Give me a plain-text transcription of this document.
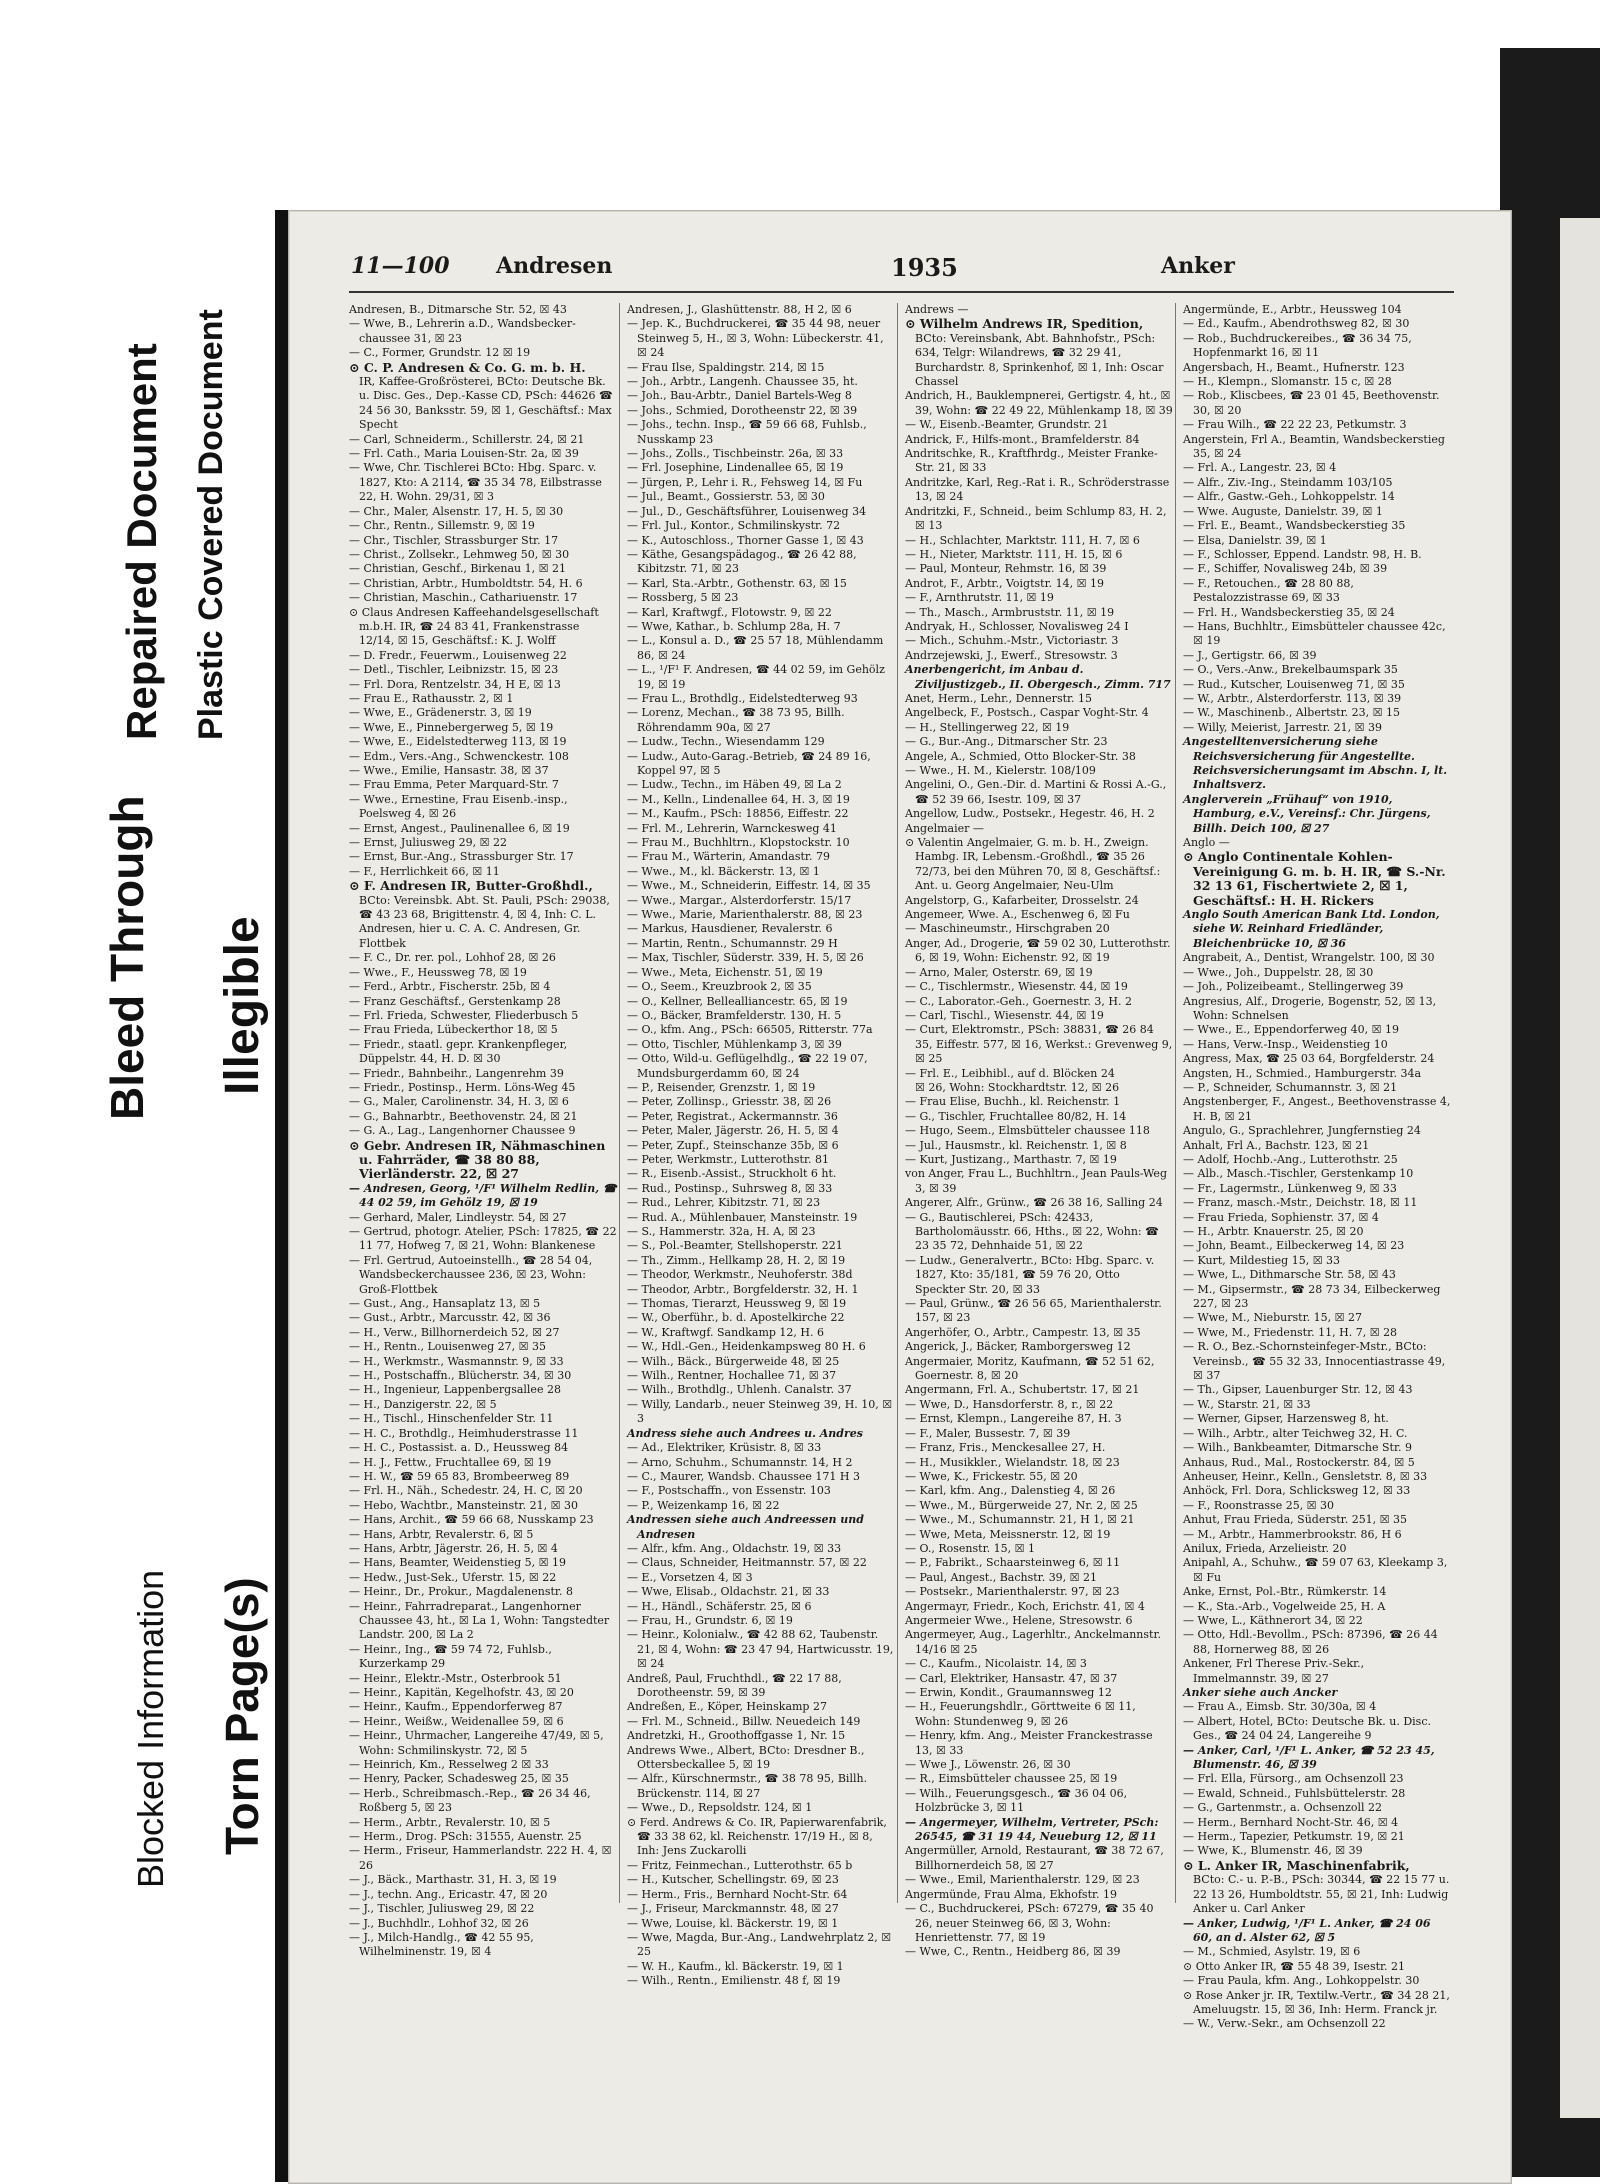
Blocked Information Torn Page(s)
Bleed Through Illegible
Repaired Document Plastic Covered Document
11—100 Andresen	1935	Anker

Andresen, B., Ditmarsche Str. 52, ☒ 43

— Wwe, B., Lehrerin a.D., Wandsbecker-chaussee 31, ☒ 23

— C., Former, Grundstr. 12 ☒ 19

⊙ C. P. Andresen & Co. G. m. b. H.

IR, Kaffee-Großrösterei, BCto: Deutsche Bk. u. Disc. Ges., Dep.-Kasse CD, PSch: 44626 ☎ 24 56 30, Banksstr. 59, ☒ 1, Geschäftsf.: Max Specht

— Carl, Schneiderm., Schillerstr. 24, ☒ 21

— Frl. Cath., Maria Louisen-Str. 2a, ☒ 39

— Wwe, Chr. Tischlerei BCto: Hbg. Sparc. v. 1827, Kto: A 2114, ☎ 35 34 78, Eilbstrasse 22, H. Wohn. 29/31, ☒ 3

— Chr., Maler, Alsenstr. 17, H. 5, ☒ 30

— Chr., Rentn., Sillemstr. 9, ☒ 19

— Chr., Tischler, Strassburger Str. 17

— Christ., Zollsekr., Lehmweg 50, ☒ 30

— Christian, Geschf., Birkenau 1, ☒ 21

— Christian, Arbtr., Humboldtstr. 54, H. 6

— Christian, Maschin., Cathariuenstr. 17

⊙ Claus Andresen Kaffeehandelsgesellschaft m.b.H. IR, ☎ 24 83 41, Frankenstrasse 12/14, ☒ 15, Geschäftsf.: K. J. Wolff

— D. Fredr., Feuerwm., Louisenweg 22

— Detl., Tischler, Leibnizstr. 15, ☒ 23

— Frl. Dora, Rentzelstr. 34, H E, ☒ 13

— Frau E., Rathausstr. 2, ☒ 1

— Wwe, E., Grädenerstr. 3, ☒ 19

— Wwe, E., Pinnebergerweg 5, ☒ 19

— Wwe, E., Eidelstedterweg 113, ☒ 19

— Edm., Vers.-Ang., Schwenckestr. 108

— Wwe., Emilie, Hansastr. 38, ☒ 37

— Frau Emma, Peter Marquard-Str. 7

— Wwe., Ernestine, Frau Eisenb.-insp., Poelsweg 4, ☒ 26

— Ernst, Angest., Paulinenallee 6, ☒ 19

— Ernst, Juliusweg 29, ☒ 22

— Ernst, Bur.-Ang., Strassburger Str. 17

— F., Herrlichkeit 66, ☒ 11

⊙ F. Andresen IR, Butter-Großhdl.,

BCto: Vereinsbk. Abt. St. Pauli, PSch: 29038, ☎ 43 23 68, Brigittenstr. 4, ☒ 4, Inh: C. L. Andresen, hier u. C. A. C. Andresen, Gr. Flottbek

— F. C., Dr. rer. pol., Lohhof 28, ☒ 26

— Wwe., F., Heussweg 78, ☒ 19

— Ferd., Arbtr., Fischerstr. 25b, ☒ 4

— Franz Geschäftsf., Gerstenkamp 28

— Frl. Frieda, Schwester, Fliederbusch 5

— Frau Frieda, Lübeckerthor 18, ☒ 5

— Friedr., staatl. gepr. Krankenpfleger, Düppelstr. 44, H. D. ☒ 30

— Friedr., Bahnbeihr., Langenrehm 39

— Friedr., Postinsp., Herm. Löns-Weg 45

— G., Maler, Carolinenstr. 34, H. 3, ☒ 6

— G., Bahnarbtr., Beethovenstr. 24, ☒ 21

— G. A., Lag., Langenhorner Chaussee 9

⊙ Gebr. Andresen IR, Nähmaschinen u. Fahrräder, ☎ 38 80 88, Vierländerstr. 22, ☒ 27

— Andresen, Georg, ¹/F¹ Wilhelm Redlin, ☎ 44 02 59, im Gehölz 19, ☒ 19

— Gerhard, Maler, Lindleystr. 54, ☒ 27

— Gertrud, photogr. Atelier, PSch: 17825, ☎ 22 11 77, Hofweg 7, ☒ 21, Wohn: Blankenese

— Frl. Gertrud, Autoeinstellh., ☎ 28 54 04, Wandsbeckerchaussee 236, ☒ 23, Wohn: Groß-Flottbek

— Gust., Ang., Hansaplatz 13, ☒ 5

— Gust., Arbtr., Marcusstr. 42, ☒ 36

— H., Verw., Billhornerdeich 52, ☒ 27

— H., Rentn., Louisenweg 27, ☒ 35

— H., Werkmstr., Wasmannstr. 9, ☒ 33

— H., Postschaffn., Blücherstr. 34, ☒ 30

— H., Ingenieur, Lappenbergsallee 28

— H., Danzigerstr. 22, ☒ 5

— H., Tischl., Hinschenfelder Str. 11

— H. C., Brothdlg., Heimhuderstrasse 11

— H. C., Postassist. a. D., Heussweg 84

— H. J., Fettw., Fruchtallee 69, ☒ 19

— H. W., ☎ 59 65 83, Brombeerweg 89

— Frl. H., Näh., Schedestr. 24, H. C, ☒ 20

— Hebo, Wachtbr., Mansteinstr. 21, ☒ 30

— Hans, Archit., ☎ 59 66 68, Nusskamp 23

— Hans, Arbtr, Revalerstr. 6, ☒ 5

— Hans, Arbtr, Jägerstr. 26, H. 5, ☒ 4

— Hans, Beamter, Weidenstieg 5, ☒ 19

— Hedw., Just-Sek., Uferstr. 15, ☒ 22

— Heinr., Dr., Prokur., Magdalenenstr. 8

— Heinr., Fahrradreparat., Langenhorner Chaussee 43, ht., ☒ La 1, Wohn: Tangstedter Landstr. 200, ☒ La 2

— Heinr., Ing., ☎ 59 74 72, Fuhlsb., Kurzerkamp 29

— Heinr., Elektr.-Mstr., Osterbrook 51

— Heinr., Kapitän, Kegelhofstr. 43, ☒ 20

— Heinr., Kaufm., Eppendorferweg 87

— Heinr., Weißw., Weidenallee 59, ☒ 6

— Heinr., Uhrmacher, Langereihe 47/49, ☒ 5, Wohn: Schmilinskystr. 72, ☒ 5

— Heinrich, Km., Resselweg 2 ☒ 33

— Henry, Packer, Schadesweg 25, ☒ 35

— Herb., Schreibmasch.-Rep., ☎ 26 34 46, Roßberg 5, ☒ 23

— Herm., Arbtr., Revalerstr. 10, ☒ 5

— Herm., Drog. PSch: 31555, Auenstr. 25

— Herm., Friseur, Hammerlandstr. 222 H. 4, ☒ 26

— J., Bäck., Marthastr. 31, H. 3, ☒ 19

— J., techn. Ang., Ericastr. 47, ☒ 20

— J., Tischler, Juliusweg 29, ☒ 22

— J., Buchhdlr., Lohhof 32, ☒ 26

— J., Milch-Handlg., ☎ 42 55 95, Wilhelminenstr. 19, ☒ 4

Andresen, J., Glashüttenstr. 88, H 2, ☒ 6

— Jep. K., Buchdruckerei, ☎ 35 44 98, neuer Steinweg 5, H., ☒ 3, Wohn: Lübeckerstr. 41, ☒ 24

— Frau Ilse, Spaldingstr. 214, ☒ 15

— Joh., Arbtr., Langenh. Chaussee 35, ht.

— Joh., Bau-Arbtr., Daniel Bartels-Weg 8

— Johs., Schmied, Dorotheenstr 22, ☒ 39

— Johs., techn. Insp., ☎ 59 66 68, Fuhlsb., Nusskamp 23

— Johs., Zolls., Tischbeinstr. 26a, ☒ 33

— Frl. Josephine, Lindenallee 65, ☒ 19

— Jürgen, P., Lehr i. R., Fehsweg 14, ☒ Fu

— Jul., Beamt., Gossierstr. 53, ☒ 30

— Jul., D., Geschäftsführer, Louisenweg 34

— Frl. Jul., Kontor., Schmilinskystr. 72

— K., Autoschloss., Thorner Gasse 1, ☒ 43

— Käthe, Gesangspädagog., ☎ 26 42 88, Kibitzstr. 71, ☒ 23

— Karl, Sta.-Arbtr., Gothenstr. 63, ☒ 15

— Rossberg, 5 ☒ 23

— Karl, Kraftwgf., Flotowstr. 9, ☒ 22

— Wwe, Kathar., b. Schlump 28a, H. 7

— L., Konsul a. D., ☎ 25 57 18, Mühlendamm 86, ☒ 24

— L., ¹/F¹ F. Andresen, ☎ 44 02 59, im Gehölz 19, ☒ 19

— Frau L., Brothdlg., Eidelstedterweg 93

— Lorenz, Mechan., ☎ 38 73 95, Billh. Röhrendamm 90a, ☒ 27

— Ludw., Techn., Wiesendamm 129

— Ludw., Auto-Garag.-Betrieb, ☎ 24 89 16, Koppel 97, ☒ 5

— Ludw., Techn., im Häben 49, ☒ La 2

— M., Kelln., Lindenallee 64, H. 3, ☒ 19

— M., Kaufm., PSch: 18856, Eiffestr. 22

— Frl. M., Lehrerin, Warnckesweg 41

— Frau M., Buchhltrn., Klopstockstr. 10

— Frau M., Wärterin, Amandastr. 79

— Wwe., M., kl. Bäckerstr. 13, ☒ 1

— Wwe., M., Schneiderin, Eiffestr. 14, ☒ 35

— Wwe., Margar., Alsterdorferstr. 15/17

— Wwe., Marie, Marienthalerstr. 88, ☒ 23

— Markus, Hausdiener, Revalerstr. 6

— Martin, Rentn., Schumannstr. 29 H

— Max, Tischler, Süderstr. 339, H. 5, ☒ 26

— Wwe., Meta, Eichenstr. 51, ☒ 19

— O., Seem., Kreuzbrook 2, ☒ 35

— O., Kellner, Bellealliancestr. 65, ☒ 19

— O., Bäcker, Bramfelderstr. 130, H. 5

— O., kfm. Ang., PSch: 66505, Ritterstr. 77a

— Otto, Tischler, Mühlenkamp 3, ☒ 39

— Otto, Wild-u. Geflügelhdlg., ☎ 22 19 07, Mundsburgerdamm 60, ☒ 24

— P., Reisender, Grenzstr. 1, ☒ 19

— Peter, Zollinsp., Griesstr. 38, ☒ 26

— Peter, Registrat., Ackermannstr. 36

— Peter, Maler, Jägerstr. 26, H. 5, ☒ 4

— Peter, Zupf., Steinschanze 35b, ☒ 6

— Peter, Werkmstr., Lutterothstr. 81

— R., Eisenb.-Assist., Struckholt 6 ht.

— Rud., Postinsp., Suhrsweg 8, ☒ 33

— Rud., Lehrer, Kibitzstr. 71, ☒ 23

— Rud. A., Mühlenbauer, Mansteinstr. 19

— S., Hammerstr. 32a, H. A, ☒ 23

— S., Pol.-Beamter, Stellshoperstr. 221

— Th., Zimm., Hellkamp 28, H. 2, ☒ 19

— Theodor, Werkmstr., Neuhoferstr. 38d

— Theodor, Arbtr., Borgfelderstr. 32, H. 1

— Thomas, Tierarzt, Heussweg 9, ☒ 19

— W., Oberführ., b. d. Apostelkirche 22

— W., Kraftwgf. Sandkamp 12, H. 6

— W., Hdl.-Gen., Heidenkampsweg 80 H. 6

— Wilh., Bäck., Bürgerweide 48, ☒ 25

— Wilh., Rentner, Hochallee 71, ☒ 37

— Wilh., Brothdlg., Uhlenh. Canalstr. 37

— Willy, Landarb., neuer Steinweg 39, H. 10, ☒ 3

Andress siehe auch Andrees u. Andres

— Ad., Elektriker, Krüsistr. 8, ☒ 33

— Arno, Schuhm., Schumannstr. 14, H 2

— C., Maurer, Wandsb. Chaussee 171 H 3

— F., Postschaffn., von Essenstr. 103

— P., Weizenkamp 16, ☒ 22

Andressen siehe auch Andreessen und Andresen

— Alfr., kfm. Ang., Oldachstr. 19, ☒ 33

— Claus, Schneider, Heitmannstr. 57, ☒ 22

— E., Vorsetzen 4, ☒ 3

— Wwe, Elisab., Oldachstr. 21, ☒ 33

— H., Händl., Schäferstr. 25, ☒ 6

— Frau, H., Grundstr. 6, ☒ 19

— Heinr., Kolonialw., ☎ 42 88 62, Taubenstr. 21, ☒ 4, Wohn: ☎ 23 47 94, Hartwicusstr. 19, ☒ 24

Andreß, Paul, Fruchthdl., ☎ 22 17 88, Dorotheenstr. 59, ☒ 39

Andreßen, E., Köper, Heinskamp 27

— Frl. M., Schneid., Billw. Neuedeich 149

Andretzki, H., Groothoffgasse 1, Nr. 15

Andrews Wwe., Albert, BCto: Dresdner B., Ottersbeckallee 5, ☒ 19

— Alfr., Kürschnermstr., ☎ 38 78 95, Billh. Brückenstr. 114, ☒ 27

— Wwe., D., Repsoldstr. 124, ☒ 1

⊙ Ferd. Andrews & Co. IR, Papierwarenfabrik, ☎ 33 38 62, kl. Reichenstr. 17/19 H., ☒ 8, Inh: Jens Zuckarolli

— Fritz, Feinmechan., Lutterothstr. 65 b

— H., Kutscher, Schellingstr. 69, ☒ 23

— Herm., Fris., Bernhard Nocht-Str. 64

— J., Friseur, Marckmannstr. 48, ☒ 27

— Wwe, Louise, kl. Bäckerstr. 19, ☒ 1

— Wwe, Magda, Bur.-Ang., Landwehrplatz 2, ☒ 25

— W. H., Kaufm., kl. Bäckerstr. 19, ☒ 1

— Wilh., Rentn., Emilienstr. 48 f, ☒ 19

Andrews —

⊙ Wilhelm Andrews IR, Spedition,

BCto: Vereinsbank, Abt. Bahnhofstr., PSch: 634, Telgr: Wilandrews, ☎ 32 29 41, Burchardstr. 8, Sprinkenhof, ☒ 1, Inh: Oscar Chassel

Andrich, H., Bauklempnerei, Gertigstr. 4, ht., ☒ 39, Wohn: ☎ 22 49 22, Mühlenkamp 18, ☒ 39

— W., Eisenb.-Beamter, Grundstr. 21

Andrick, F., Hilfs-mont., Bramfelderstr. 84

Andritschke, R., Kraftfhrdg., Meister Franke-Str. 21, ☒ 33

Andritzke, Karl, Reg.-Rat i. R., Schröderstrasse 13, ☒ 24

Andritzki, F., Schneid., beim Schlump 83, H. 2, ☒ 13

— H., Schlachter, Marktstr. 111, H. 7, ☒ 6

— H., Nieter, Marktstr. 111, H. 15, ☒ 6

— Paul, Monteur, Rehmstr. 16, ☒ 39

Androt, F., Arbtr., Voigtstr. 14, ☒ 19

— F., Arnthrutstr. 11, ☒ 19

— Th., Masch., Armbruststr. 11, ☒ 19

Andryak, H., Schlosser, Novalisweg 24 I

— Mich., Schuhm.-Mstr., Victoriastr. 3

Andrzejewski, J., Ewerf., Stresowstr. 3

Anerbengericht, im Anbau d. Ziviljustizgeb., II. Obergesch., Zimm. 717

Anet, Herm., Lehr., Dennerstr. 15

Angelbeck, F., Postsch., Caspar Voght-Str. 4

— H., Stellingerweg 22, ☒ 19

— G., Bur.-Ang., Ditmarscher Str. 23

Angele, A., Schmied, Otto Blocker-Str. 38

— Wwe., H. M., Kielerstr. 108/109

Angelini, O., Gen.-Dir. d. Martini & Rossi A.-G., ☎ 52 39 66, Isestr. 109, ☒ 37

Angellow, Ludw., Postsekr., Hegestr. 46, H. 2

Angelmaier —

⊙ Valentin Angelmaier, G. m. b. H., Zweign. Hambg. IR, Lebensm.-Großhdl., ☎ 35 26 72/73, bei den Mühren 70, ☒ 8, Geschäftsf.: Ant. u. Georg Angelmaier, Neu-Ulm

Angelstorp, G., Kafarbeiter, Drosselstr. 24

Angemeer, Wwe. A., Eschenweg 6, ☒ Fu

— Maschineumstr., Hirschgraben 20

Anger, Ad., Drogerie, ☎ 59 02 30, Lutterothstr. 6, ☒ 19, Wohn: Eichenstr. 92, ☒ 19

— Arno, Maler, Osterstr. 69, ☒ 19

— C., Tischlermstr., Wiesenstr. 44, ☒ 19

— C., Laborator.-Geh., Goernestr. 3, H. 2

— Carl, Tischl., Wiesenstr. 44, ☒ 19

— Curt, Elektromstr., PSch: 38831, ☎ 26 84 35, Eiffestr. 577, ☒ 16, Werkst.: Grevenweg 9, ☒ 25

— Frl. E., Leibhibl., auf d. Blöcken 24

☒ 26, Wohn: Stockhardtstr. 12, ☒ 26

— Frau Elise, Buchh., kl. Reichenstr. 1

— G., Tischler, Fruchtallee 80/82, H. 14

— Hugo, Seem., Elmsbütteler chaussee 118

— Jul., Hausmstr., kl. Reichenstr. 1, ☒ 8

— Kurt, Justizang., Marthastr. 7, ☒ 19

von Anger, Frau L., Buchhltrn., Jean Pauls-Weg 3, ☒ 39

Angerer, Alfr., Grünw., ☎ 26 38 16, Salling 24

— G., Bautischlerei, PSch: 42433, Bartholomäusstr. 66, Hths., ☒ 22, Wohn: ☎ 23 35 72, Dehnhaide 51, ☒ 22

— Ludw., Generalvertr., BCto: Hbg. Sparc. v. 1827, Kto: 35/181, ☎ 59 76 20, Otto Speckter Str. 20, ☒ 33

— Paul, Grünw., ☎ 26 56 65, Marienthalerstr. 157, ☒ 23

Angerhöfer, O., Arbtr., Campestr. 13, ☒ 35

Angerick, J., Bäcker, Ramborgersweg 12

Angermaier, Moritz, Kaufmann, ☎ 52 51 62, Goernestr. 8, ☒ 20

Angermann, Frl. A., Schubertstr. 17, ☒ 21

— Wwe, D., Hansdorferstr. 8, r., ☒ 22

— Ernst, Klempn., Langereihe 87, H. 3

— F., Maler, Bussestr. 7, ☒ 39

— Franz, Fris., Menckesallee 27, H.

— H., Musikkler., Wielandstr. 18, ☒ 23

— Wwe, K., Frickestr. 55, ☒ 20

— Karl, kfm. Ang., Dalenstieg 4, ☒ 26

— Wwe., M., Bürgerweide 27, Nr. 2, ☒ 25

— Wwe., M., Schumannstr. 21, H 1, ☒ 21

— Wwe, Meta, Meissnerstr. 12, ☒ 19

— O., Rosenstr. 15, ☒ 1

— P., Fabrikt., Schaarsteinweg 6, ☒ 11

— Paul, Angest., Bachstr. 39, ☒ 21

— Postsekr., Marienthalerstr. 97, ☒ 23

Angermayr, Friedr., Koch, Erichstr. 41, ☒ 4

Angermeier Wwe., Helene, Stresowstr. 6

Angermeyer, Aug., Lagerhltr., Anckelmannstr. 14/16 ☒ 25

— C., Kaufm., Nicolaistr. 14, ☒ 3

— Carl, Elektriker, Hansastr. 47, ☒ 37

— Erwin, Kondit., Graumannsweg 12

— H., Feuerungshdlr., Görttweite 6 ☒ 11, Wohn: Stundenweg 9, ☒ 26

— Henry, kfm. Ang., Meister Franckestrasse 13, ☒ 33

— Wwe J., Löwenstr. 26, ☒ 30

— R., Eimsbütteler chaussee 25, ☒ 19

— Wilh., Feuerungsgesch., ☎ 36 04 06, Holzbrücke 3, ☒ 11

— Angermeyer, Wilhelm, Vertreter, PSch: 26545, ☎ 31 19 44, Neueburg 12, ☒ 11

Angermüller, Arnold, Restaurant, ☎ 38 72 67, Billhornerdeich 58, ☒ 27

— Wwe., Emil, Marienthalerstr. 129, ☒ 23

Angermünde, Frau Alma, Ekhofstr. 19

— C., Buchdruckerei, PSch: 67279, ☎ 35 40 26, neuer Steinweg 66, ☒ 3, Wohn: Henriettenstr. 77, ☒ 19

— Wwe, C., Rentn., Heidberg 86, ☒ 39

Angermünde, E., Arbtr., Heussweg 104

— Ed., Kaufm., Abendrothsweg 82, ☒ 30

— Rob., Buchdruckereibes., ☎ 36 34 75, Hopfenmarkt 16, ☒ 11

Angersbach, H., Beamt., Hufnerstr. 123

— H., Klempn., Slomanstr. 15 c, ☒ 28

— Rob., Kliscbees, ☎ 23 01 45, Beethovenstr. 30, ☒ 20

— Frau Wilh., ☎ 22 22 23, Petkumstr. 3

Angerstein, Frl A., Beamtin, Wandsbeckerstieg 35, ☒ 24

— Frl. A., Langestr. 23, ☒ 4

— Alfr., Ziv.-Ing., Steindamm 103/105

— Alfr., Gastw.-Geh., Lohkoppelstr. 14

— Wwe. Auguste, Danielstr. 39, ☒ 1

— Frl. E., Beamt., Wandsbeckerstieg 35

— Elsa, Danielstr. 39, ☒ 1

— F., Schlosser, Eppend. Landstr. 98, H. B.

— F., Schiffer, Novalisweg 24b, ☒ 39

— F., Retouchen., ☎ 28 80 88, Pestalozzistrasse 69, ☒ 33

— Frl. H., Wandsbeckerstieg 35, ☒ 24

— Hans, Buchhltr., Eimsbütteler chaussee 42c, ☒ 19

— J., Gertigstr. 66, ☒ 39

— O., Vers.-Anw., Brekelbaumspark 35

— Rud., Kutscher, Louisenweg 71, ☒ 35

— W., Arbtr., Alsterdorferstr. 113, ☒ 39

— W., Maschinenb., Albertstr. 23, ☒ 15

— Willy, Meierist, Jarrestr. 21, ☒ 39

Angestelltenversicherung siehe Reichsversicherung für Angestellte. Reichsversicherungsamt im Abschn. I, lt. Inhaltsverz.

Anglerverein „Frühauf“ von 1910, Hamburg, e.V., Vereinsf.: Chr. Jürgens, Billh. Deich 100, ☒ 27

Anglo —

⊙ Anglo Continentale Kohlen-Vereinigung G. m. b. H. IR, ☎ S.-Nr. 32 13 61, Fischertwiete 2, ☒ 1, Geschäftsf.: H. H. Rickers

Anglo South American Bank Ltd. London, siehe W. Reinhard Friedländer, Bleichenbrücke 10, ☒ 36

Angrabeit, A., Dentist, Wrangelstr. 100, ☒ 30

— Wwe., Joh., Duppelstr. 28, ☒ 30

— Joh., Polizeibeamt., Stellingerweg 39

Angresius, Alf., Drogerie, Bogenstr, 52, ☒ 13, Wohn: Schnelsen

— Wwe., E., Eppendorferweg 40, ☒ 19

— Hans, Verw.-Insp., Weidenstieg 10

Angress, Max, ☎ 25 03 64, Borgfelderstr. 24

Angsten, H., Schmied., Hamburgerstr. 34a

— P., Schneider, Schumannstr. 3, ☒ 21

Angstenberger, F., Angest., Beethovenstrasse 4, H. B, ☒ 21

Angulo, G., Sprachlehrer, Jungfernstieg 24

Anhalt, Frl A., Bachstr. 123, ☒ 21

— Adolf, Hochb.-Ang., Lutterothstr. 25

— Alb., Masch.-Tischler, Gerstenkamp 10

— Fr., Lagermstr., Lünkenweg 9, ☒ 33

— Franz, masch.-Mstr., Deichstr. 18, ☒ 11

— Frau Frieda, Sophienstr. 37, ☒ 4

— H., Arbtr. Knauerstr. 25, ☒ 20

— John, Beamt., Eilbeckerweg 14, ☒ 23

— Kurt, Mildestieg 15, ☒ 33

— Wwe, L., Dithmarsche Str. 58, ☒ 43

— M., Gipsermstr., ☎ 28 73 34, Eilbeckerweg 227, ☒ 23

— Wwe, M., Nieburstr. 15, ☒ 27

— Wwe, M., Friedenstr. 11, H. 7, ☒ 28

— R. O., Bez.-Schornsteinfeger-Mstr., BCto: Vereinsb., ☎ 55 32 33, Innocentiastrasse 49, ☒ 37

— Th., Gipser, Lauenburger Str. 12, ☒ 43

— W., Starstr. 21, ☒ 33

— Werner, Gipser, Harzensweg 8, ht.

— Wilh., Arbtr., alter Teichweg 32, H. C.

— Wilh., Bankbeamter, Ditmarsche Str. 9

Anhaus, Rud., Mal., Rostockerstr. 84, ☒ 5

Anheuser, Heinr., Kelln., Gensletstr. 8, ☒ 33

Anhöck, Frl. Dora, Schlicksweg 12, ☒ 33

— F., Roonstrasse 25, ☒ 30

Anhut, Frau Frieda, Süderstr. 251, ☒ 35

— M., Arbtr., Hammerbrookstr. 86, H 6

Anilux, Frieda, Arzelieistr. 20

Anipahl, A., Schuhw., ☎ 59 07 63, Kleekamp 3, ☒ Fu

Anke, Ernst, Pol.-Btr., Rümkerstr. 14

— K., Sta.-Arb., Vogelweide 25, H. A

— Wwe, L., Käthnerort 34, ☒ 22

— Otto, Hdl.-Bevollm., PSch: 87396, ☎ 26 44 88, Hornerweg 88, ☒ 26

Ankener, Frl Therese Priv.-Sekr., Immelmannstr. 39, ☒ 27

Anker siehe auch Ancker

— Frau A., Eimsb. Str. 30/30a, ☒ 4

— Albert, Hotel, BCto: Deutsche Bk. u. Disc. Ges., ☎ 24 04 24, Langereihe 9

— Anker, Carl, ¹/F¹ L. Anker, ☎ 52 23 45, Blumenstr. 46, ☒ 39

— Frl. Ella, Fürsorg., am Ochsenzoll 23

— Ewald, Schneid., Fuhlsbüttelerstr. 28

— G., Gartenmstr., a. Ochsenzoll 22

— Herm., Bernhard Nocht-Str. 46, ☒ 4

— Herm., Tapezier, Petkumstr. 19, ☒ 21

— Wwe, K., Blumenstr. 46, ☒ 39

⊙ L. Anker IR, Maschinenfabrik,

BCto: C.- u. P.-B., PSch: 30344, ☎ 22 15 77 u. 22 13 26, Humboldtstr. 55, ☒ 21, Inh: Ludwig Anker u. Carl Anker

— Anker, Ludwig, ¹/F¹ L. Anker, ☎ 24 06 60, an d. Alster 62, ☒ 5

— M., Schmied, Asylstr. 19, ☒ 6

⊙ Otto Anker IR, ☎ 55 48 39, Isestr. 21

— Frau Paula, kfm. Ang., Lohkoppelstr. 30

⊙ Rose Anker jr. IR, Textilw.-Vertr., ☎ 34 28 21, Ameluugstr. 15, ☒ 36, Inh: Herm. Franck jr.

— W., Verw.-Sekr., am Ochsenzoll 22
